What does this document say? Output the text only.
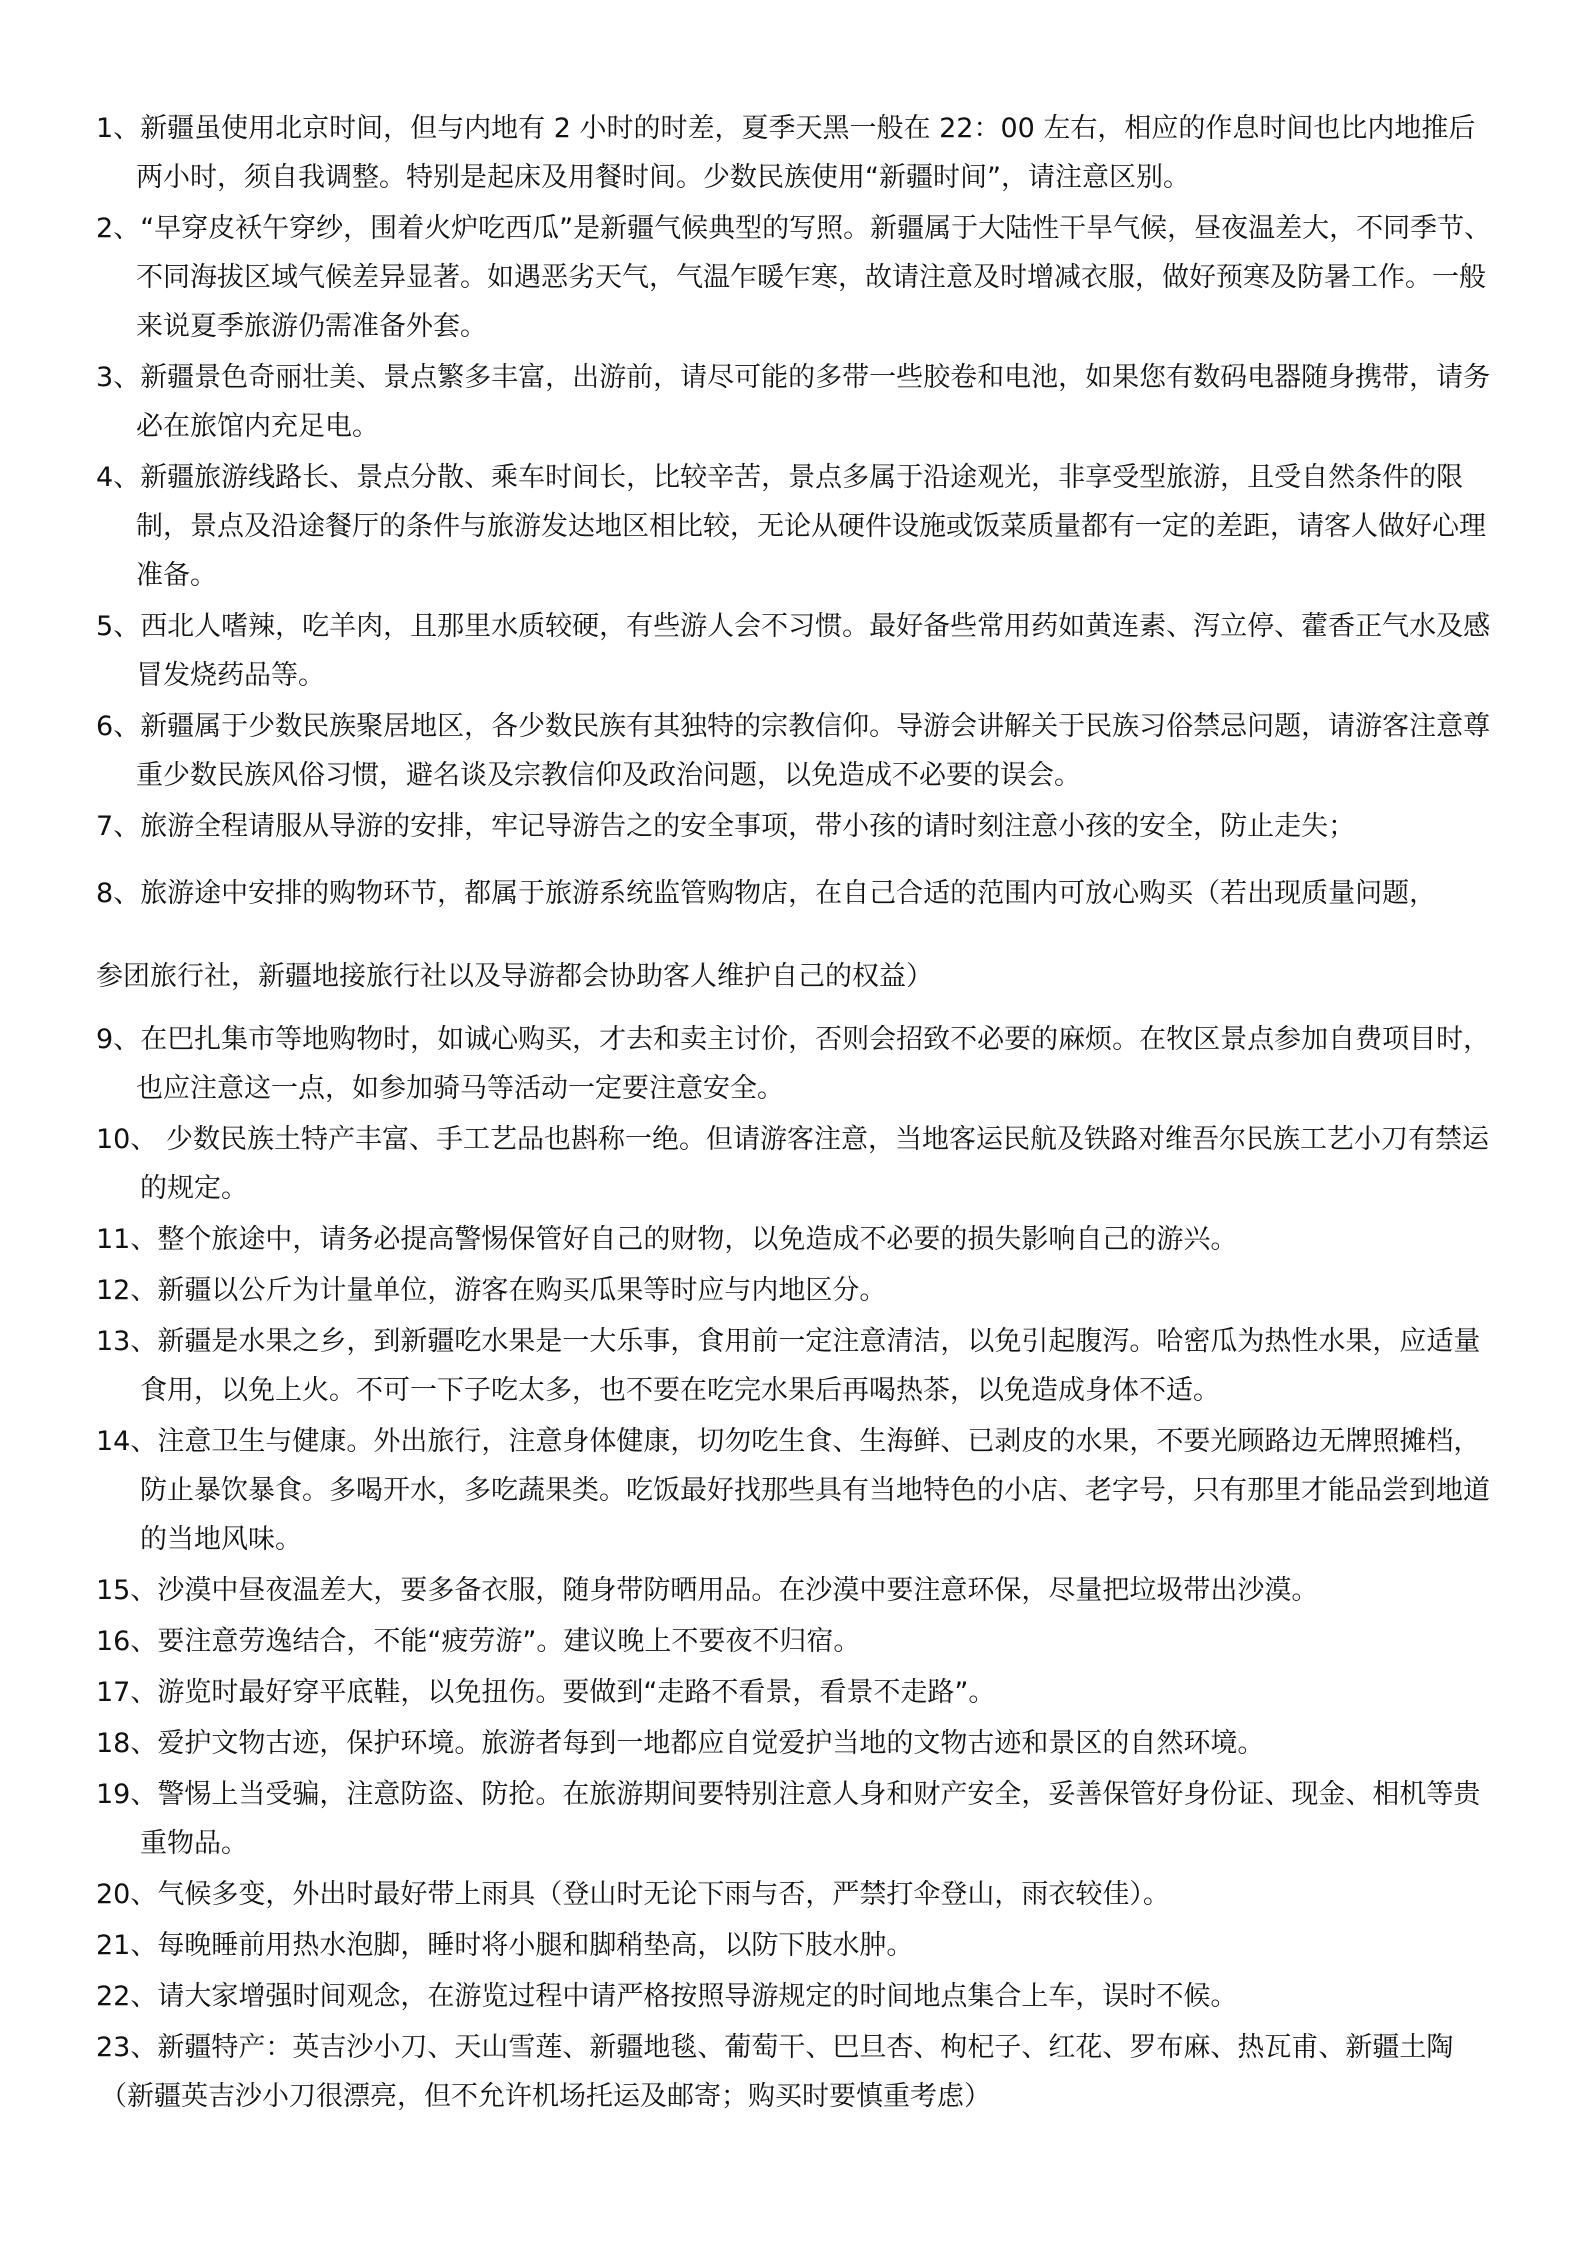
1、新疆虽使用北京时间，但与内地有 2 小时的时差，夏季天黑一般在 22：00 左右，相应的作息时间也比内地推后两小时，须自我调整。特别是起床及用餐时间。少数民族使用“新疆时间”，请注意区别。
2、“早穿皮袄午穿纱，围着火炉吃西瓜”是新疆气候典型的写照。新疆属于大陆性干旱气候，昼夜温差大，不同季节、不同海拔区域气候差异显著。如遇恶劣天气，气温乍暖乍寒，故请注意及时增减衣服，做好预寒及防暑工作。一般来说夏季旅游仍需准备外套。
3、新疆景色奇丽壮美、景点繁多丰富，出游前，请尽可能的多带一些胶卷和电池，如果您有数码电器随身携带，请务必在旅馆内充足电。
4、新疆旅游线路长、景点分散、乘车时间长，比较辛苦，景点多属于沿途观光，非享受型旅游，且受自然条件的限制，景点及沿途餐厅的条件与旅游发达地区相比较，无论从硬件设施或饭菜质量都有一定的差距，请客人做好心理准备。
5、西北人嗜辣，吃羊肉，且那里水质较硬，有些游人会不习惯。最好备些常用药如黄连素、泻立停、藿香正气水及感冒发烧药品等。
6、新疆属于少数民族聚居地区，各少数民族有其独特的宗教信仰。导游会讲解关于民族习俗禁忌问题，请游客注意尊重少数民族风俗习惯，避名谈及宗教信仰及政治问题，以免造成不必要的误会。
7、旅游全程请服从导游的安排，牢记导游告之的安全事项，带小孩的请时刻注意小孩的安全，防止走失；
8、旅游途中安排的购物环节，都属于旅游系统监管购物店，在自己合适的范围内可放心购买（若出现质量问题，
参团旅行社，新疆地接旅行社以及导游都会协助客人维护自己的权益）
9、在巴扎集市等地购物时，如诚心购买，才去和卖主讨价，否则会招致不必要的麻烦。在牧区景点参加自费项目时，也应注意这一点，如参加骑马等活动一定要注意安全。
10、 少数民族土特产丰富、手工艺品也斟称一绝。但请游客注意，当地客运民航及铁路对维吾尔民族工艺小刀有禁运的规定。
11、整个旅途中，请务必提高警惕保管好自己的财物，以免造成不必要的损失影响自己的游兴。
12、新疆以公斤为计量单位，游客在购买瓜果等时应与内地区分。
13、新疆是水果之乡，到新疆吃水果是一大乐事，食用前一定注意清洁，以免引起腹泻。哈密瓜为热性水果，应适量食用，以免上火。不可一下子吃太多，也不要在吃完水果后再喝热茶，以免造成身体不适。
14、注意卫生与健康。外出旅行，注意身体健康，切勿吃生食、生海鲜、已剥皮的水果，不要光顾路边无牌照摊档，防止暴饮暴食。多喝开水，多吃蔬果类。吃饭最好找那些具有当地特色的小店、老字号，只有那里才能品尝到地道的当地风味。
15、沙漠中昼夜温差大，要多备衣服，随身带防晒用品。在沙漠中要注意环保，尽量把垃圾带出沙漠。
16、要注意劳逸结合，不能“疲劳游”。建议晚上不要夜不归宿。
17、游览时最好穿平底鞋，以免扭伤。要做到“走路不看景，看景不走路”。
18、爱护文物古迹，保护环境。旅游者每到一地都应自觉爱护当地的文物古迹和景区的自然环境。
19、警惕上当受骗，注意防盗、防抢。在旅游期间要特别注意人身和财产安全，妥善保管好身份证、现金、相机等贵重物品。
20、气候多变，外出时最好带上雨具（登山时无论下雨与否，严禁打伞登山，雨衣较佳）。
21、每晚睡前用热水泡脚，睡时将小腿和脚稍垫高，以防下肢水肿。
22、请大家增强时间观念，在游览过程中请严格按照导游规定的时间地点集合上车，误时不候。
23、新疆特产：英吉沙小刀、天山雪莲、新疆地毯、葡萄干、巴旦杏、枸杞子、红花、罗布麻、热瓦甫、新疆土陶
（新疆英吉沙小刀很漂亮，但不允许机场托运及邮寄；购买时要慎重考虑）
